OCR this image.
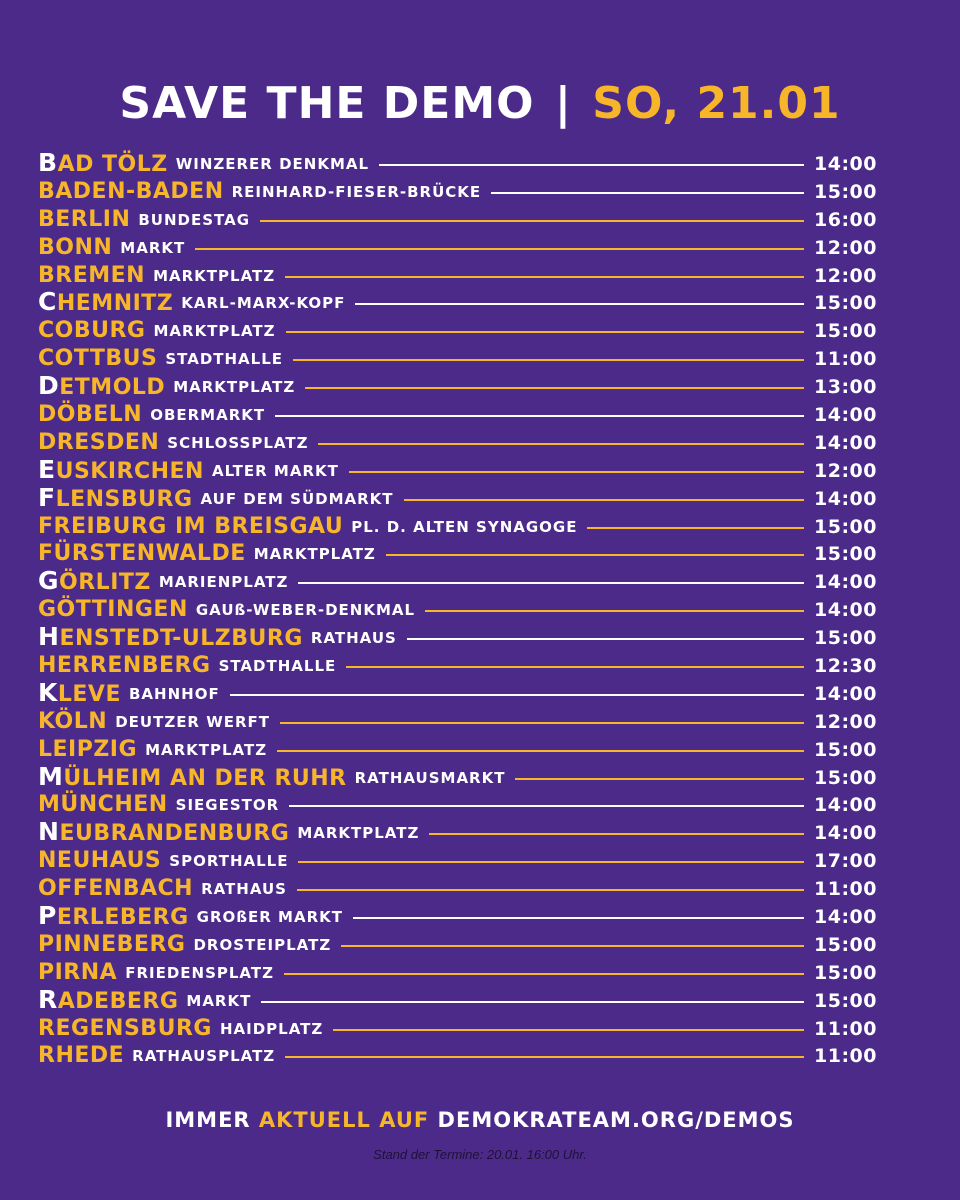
SAVE THE DEMO | SO, 21.01
BAD TÖLZ WINZERER DENKMAL	14:00
BADEN-BADEN REINHARD-FIESER-BRÜCKE	15:00
BERLIN BUNDESTAG	16:00
BONN MARKT	12:00
BREMEN MARKTPLATZ	12:00
CHEMNITZ KARL-MARX-KOPF	15:00
COBURG MARKTPLATZ	15:00
COTTBUS STADTHALLE	11:00
DETMOLD MARKTPLATZ	13:00
DÖBELN OBERMARKT	14:00
DRESDEN SCHLOSSPLATZ	14:00
EUSKIRCHEN ALTER MARKT	12:00
FLENSBURG AUF DEM SÜDMARKT	14:00
FREIBURG IM BREISGAU PL. D. ALTEN SYNAGOGE	15:00
FÜRSTENWALDE MARKTPLATZ	15:00
GÖRLITZ MARIENPLATZ	14:00
GÖTTINGEN GAUß-WEBER-DENKMAL	14:00
HENSTEDT-ULZBURG RATHAUS	15:00
HERRENBERG STADTHALLE	12:30
KLEVE BAHNHOF	14:00
KÖLN DEUTZER WERFT	12:00
LEIPZIG MARKTPLATZ	15:00
MÜLHEIM AN DER RUHR RATHAUSMARKT	15:00
MÜNCHEN SIEGESTOR	14:00
NEUBRANDENBURG MARKTPLATZ	14:00
NEUHAUS SPORTHALLE	17:00
OFFENBACH RATHAUS	11:00
PERLEBERG GROßER MARKT	14:00
PINNEBERG DROSTEIPLATZ	15:00
PIRNA FRIEDENSPLATZ	15:00
RADEBERG MARKT	15:00
REGENSBURG HAIDPLATZ	11:00
RHEDE RATHAUSPLATZ	11:00
IMMER AKTUELL AUF DEMOKRATEAM.ORG/DEMOS
Stand der Termine: 20.01. 16:00 Uhr.
